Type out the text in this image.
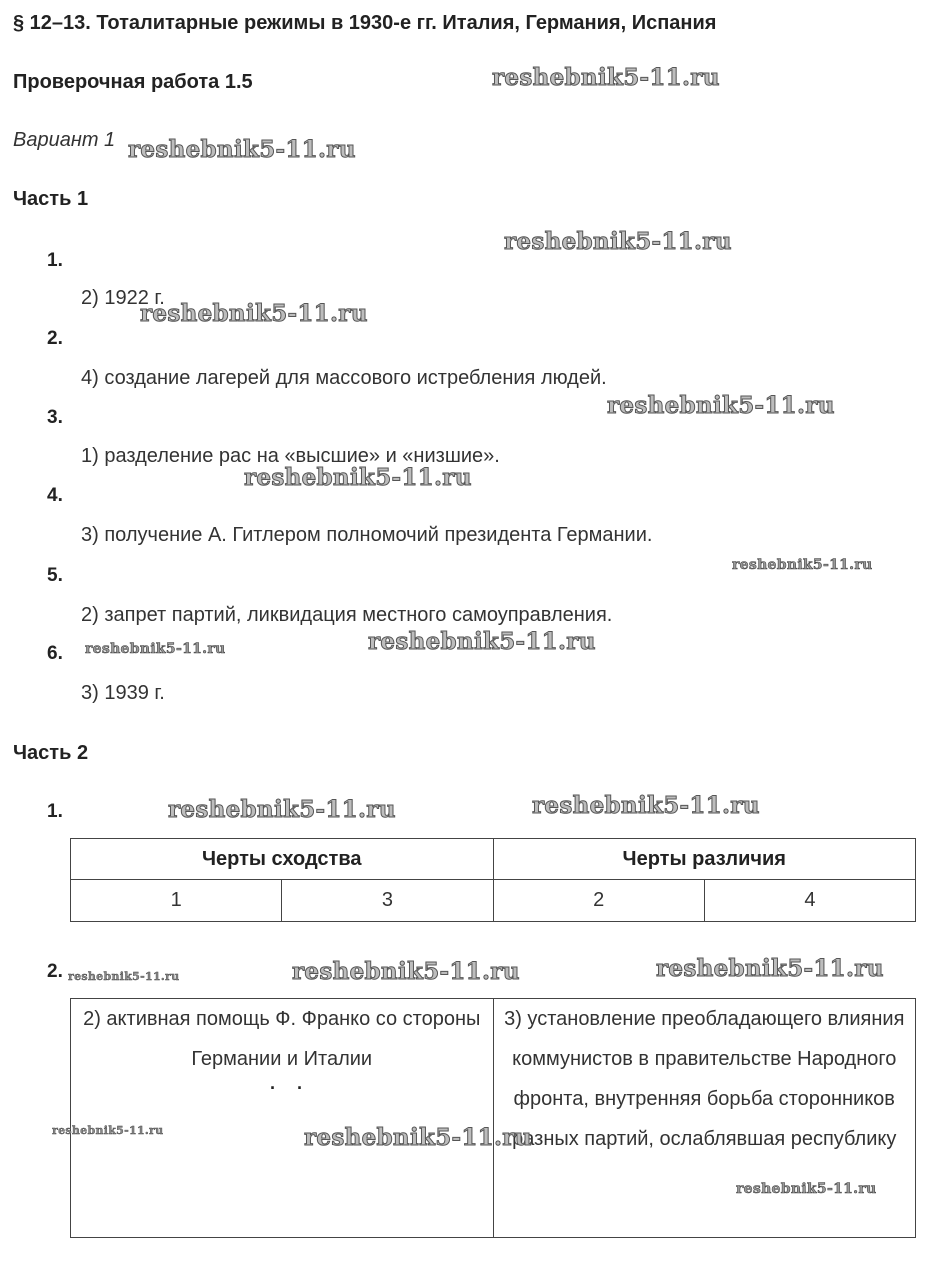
§ 12–13. Тоталитарные режимы в 1930-е гг. Италия, Германия, Испания
Проверочная работа 1.5
Вариант 1
Часть 1
1.
2) 1922 г.
2.
4) создание лагерей для массового истребления людей.
3.
1) разделение рас на «высшие» и «низшие».
4.
3) получение А. Гитлером полномочий президента Германии.
5.
2) запрет партий, ликвидация местного самоуправления.
6.
3) 1939 г.
Часть 2
1.
Черты сходства		Черты различия	
1	3	2	4
2.
2) активная помощь Ф. Франко со стороны Германии и Италии	3) установление преобладающего влияния коммунистов в правительстве Народного фронта, внутренняя борьба сторонников разных партий, ослаблявшая республику
· ·
reshebnik5-11.ru
reshebnik5-11.ru
reshebnik5-11.ru
reshebnik5-11.ru
reshebnik5-11.ru
reshebnik5-11.ru
reshebnik5-11.ru
reshebnik5-11.ru	reshebnik5-11.ru
reshebnik5-11.ru	reshebnik5-11.ru
reshebnik5-11.ru	reshebnik5-11.ru	reshebnik5-11.ru
reshebnik5-11.ru	reshebnik5-11.ru
reshebnik5-11.ru
